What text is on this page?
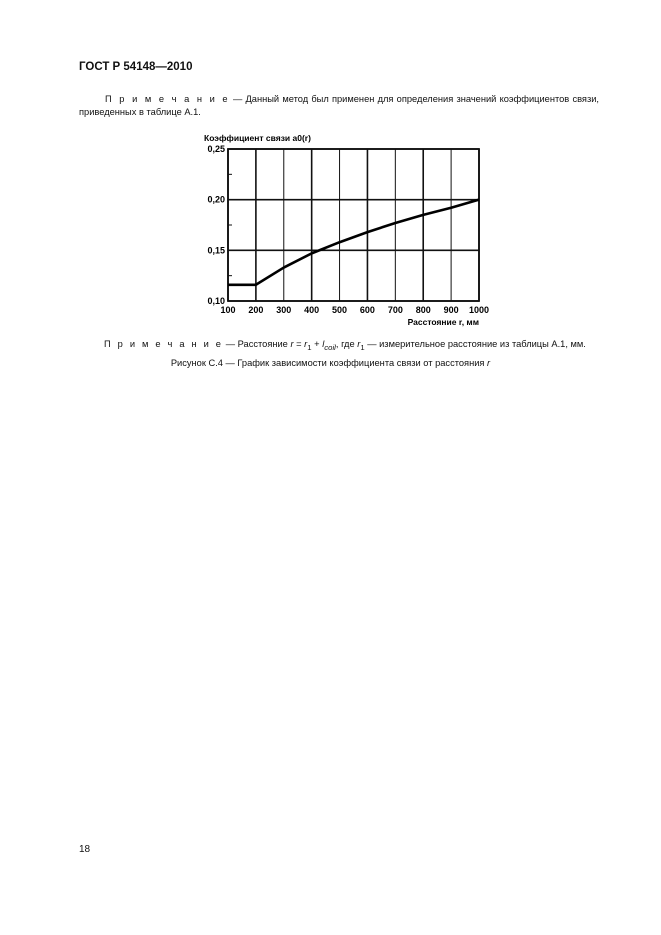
ГОСТ Р 54148—2010
П р и м е ч а н и е — Данный метод был применен для определения значений коэффициентов связи, приведенных в таблице А.1.
100 200 300 400 500 600 700 800 900 1000
0,10
0,15
0,20
0,25
Коэффициент связи a0(r)
Расстояние r, мм
П р и м е ч а н и е — Расстояние $r = r_1 + l_{coil}$, где $r_1$ — измерительное расстояние из таблицы А.1, мм.
Рисунок С.4 — График зависимости коэффициента связи от расстояния r
18
